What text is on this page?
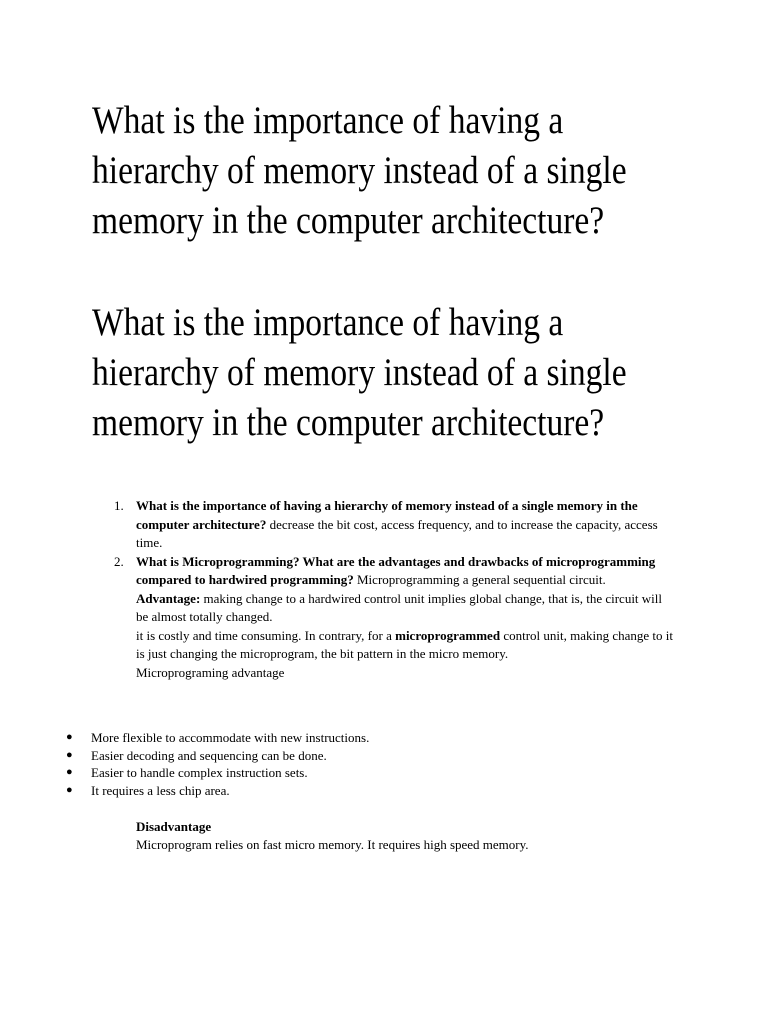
What is the importance of having a hierarchy of memory instead of a single memory in the computer architecture?
What is the importance of having a hierarchy of memory instead of a single memory in the computer architecture?
1. What is the importance of having a hierarchy of memory instead of a single memory in the computer architecture? decrease the bit cost, access frequency, and to increase the capacity, access time.
2. What is Microprogramming? What are the advantages and drawbacks of microprogramming compared to hardwired programming? Microprogramming a general sequential circuit.
Advantage: making change to a hardwired control unit implies global change, that is, the circuit will be almost totally changed.
it is costly and time consuming. In contrary, for a microprogrammed control unit, making change to it is just changing the microprogram, the bit pattern in the micro memory.
Microprograming advantage
● More flexible to accommodate with new instructions.
● Easier decoding and sequencing can be done.
● Easier to handle complex instruction sets.
● It requires a less chip area.
Disadvantage
Microprogram relies on fast micro memory. It requires high speed memory.
